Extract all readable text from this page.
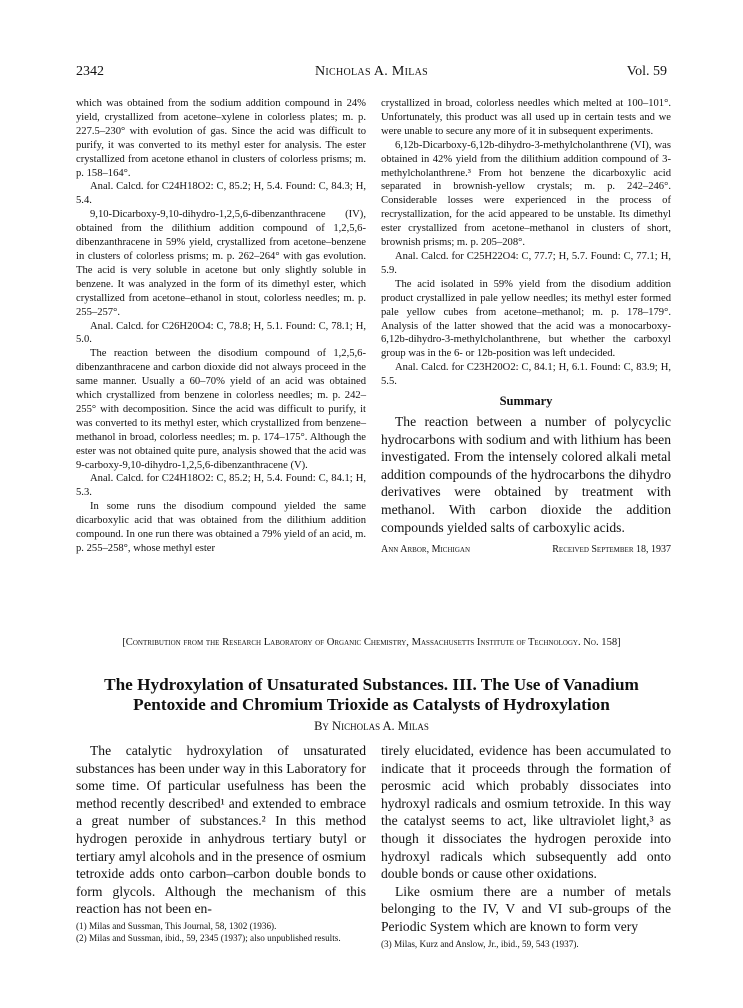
2342	Nicholas A. Milas	Vol. 59

which was obtained from the sodium addition compound in 24% yield, crystallized from acetone–xylene in colorless plates; m. p. 227.5–230° with evolution of gas. Since the acid was difficult to purify, it was converted to its methyl ester for analysis. The ester crystallized from acetone ethanol in clusters of colorless prisms; m. p. 158–164°.

Anal. Calcd. for C24H18O2: C, 85.2; H, 5.4. Found: C, 84.3; H, 5.4.

9,10-Dicarboxy-9,10-dihydro-1,2,5,6-dibenzanthracene (IV), obtained from the dilithium addition compound of 1,2,5,6-dibenzanthracene in 59% yield, crystallized from acetone–benzene in clusters of colorless prisms; m. p. 262–264° with gas evolution. The acid is very soluble in acetone but only slightly soluble in benzene. It was analyzed in the form of its dimethyl ester, which crystallized from acetone–ethanol in stout, colorless needles; m. p. 255–257°.

Anal. Calcd. for C26H20O4: C, 78.8; H, 5.1. Found: C, 78.1; H, 5.0.

The reaction between the disodium compound of 1,2,5,6-dibenzanthracene and carbon dioxide did not always proceed in the same manner. Usually a 60–70% yield of an acid was obtained which crystallized from benzene in colorless needles; m. p. 242–255° with decomposition. Since the acid was difficult to purify, it was converted to its methyl ester, which crystallized from benzene–methanol in broad, colorless needles; m. p. 174–175°. Although the ester was not obtained quite pure, analysis showed that the acid was 9-carboxy-9,10-dihydro-1,2,5,6-dibenzanthracene (V).

Anal. Calcd. for C24H18O2: C, 85.2; H, 5.4. Found: C, 84.1; H, 5.3.

In some runs the disodium compound yielded the same dicarboxylic acid that was obtained from the dilithium addition compound. In one run there was obtained a 79% yield of an acid, m. p. 255–258°, whose methyl ester

crystallized in broad, colorless needles which melted at 100–101°. Unfortunately, this product was all used up in certain tests and we were unable to secure any more of it in subsequent experiments.

6,12b-Dicarboxy-6,12b-dihydro-3-methylcholanthrene (VI), was obtained in 42% yield from the dilithium addition compound of 3-methylcholanthrene.³ From hot benzene the dicarboxylic acid separated in brownish-yellow crystals; m. p. 242–246°. Considerable losses were experienced in the process of recrystallization, for the acid appeared to be unstable. Its dimethyl ester crystallized from acetone–methanol in clusters of short, brownish prisms; m. p. 205–208°.

Anal. Calcd. for C25H22O4: C, 77.7; H, 5.7. Found: C, 77.1; H, 5.9.

The acid isolated in 59% yield from the disodium addition product crystallized in pale yellow needles; its methyl ester formed pale yellow cubes from acetone–methanol; m. p. 178–179°. Analysis of the latter showed that the acid was a monocarboxy-6,12b-dihydro-3-methylcholanthrene, but whether the carboxyl group was in the 6- or 12b-position was left undecided.

Anal. Calcd. for C23H20O2: C, 84.1; H, 6.1. Found: C, 83.9; H, 5.5.

Summary

The reaction between a number of polycyclic hydrocarbons with sodium and with lithium has been investigated. From the intensely colored alkali metal addition compounds of the hydrocarbons the dihydro derivatives were obtained by treatment with methanol. With carbon dioxide the addition compounds yielded salts of carboxylic acids.

Ann Arbor, Michigan	Received September 18, 1937

[Contribution from the Research Laboratory of Organic Chemistry, Massachusetts Institute of Technology. No. 158]
The Hydroxylation of Unsaturated Substances. III. The Use of Vanadium Pentoxide and Chromium Trioxide as Catalysts of Hydroxylation
By Nicholas A. Milas

The catalytic hydroxylation of unsaturated substances has been under way in this Laboratory for some time. Of particular usefulness has been the method recently described¹ and extended to embrace a great number of substances.² In this method hydrogen peroxide in anhydrous tertiary butyl or tertiary amyl alcohols and in the presence of osmium tetroxide adds onto carbon–carbon double bonds to form glycols. Although the mechanism of this reaction has not been en-

(1) Milas and Sussman, This Journal, 58, 1302 (1936).

(2) Milas and Sussman, ibid., 59, 2345 (1937); also unpublished results.

tirely elucidated, evidence has been accumulated to indicate that it proceeds through the formation of perosmic acid which probably dissociates into hydroxyl radicals and osmium tetroxide. In this way the catalyst seems to act, like ultraviolet light,³ as though it dissociates the hydrogen peroxide into hydroxyl radicals which subsequently add onto double bonds or cause other oxidations.

Like osmium there are a number of metals belonging to the IV, V and VI sub-groups of the Periodic System which are known to form very

(3) Milas, Kurz and Anslow, Jr., ibid., 59, 543 (1937).
